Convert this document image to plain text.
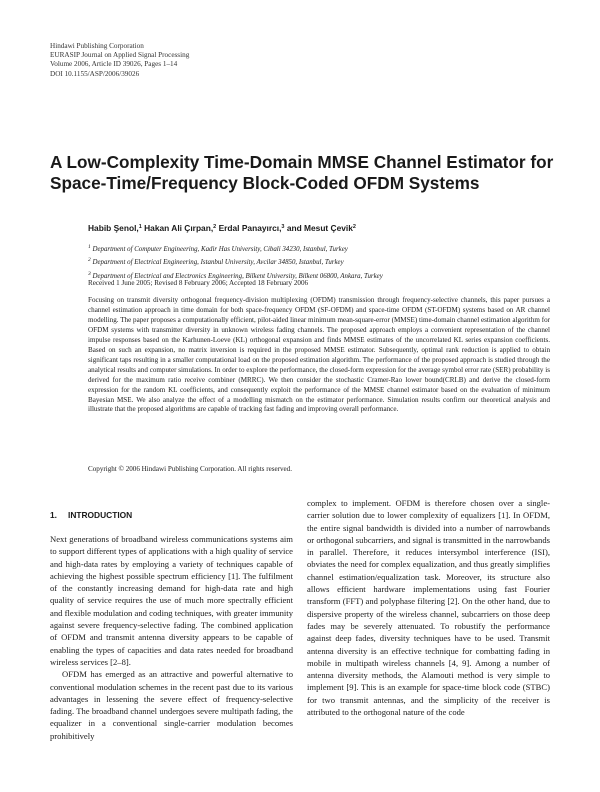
Hindawi Publishing Corporation
EURASIP Journal on Applied Signal Processing
Volume 2006, Article ID 39026, Pages 1–14
DOI 10.1155/ASP/2006/39026
A Low-Complexity Time-Domain MMSE Channel Estimator for
Space-Time/Frequency Block-Coded OFDM Systems
Habib Şenol,$^1$ Hakan Ali Çırpan,$^2$ Erdal Panayırcı,$^3$ and Mesut Çevik$^2$
$^1$ Department of Computer Engineering, Kadir Has University, Cibali 34230, Istanbul, Turkey
$^2$ Department of Electrical Engineering, Istanbul University, Avcilar 34850, Istanbul, Turkey
$^3$ Department of Electrical and Electronics Engineering, Bilkent University, Bilkent 06800, Ankara, Turkey
Received 1 June 2005; Revised 8 February 2006; Accepted 18 February 2006
Focusing on transmit diversity orthogonal frequency-division multiplexing (OFDM) transmission through frequency-selective channels, this paper pursues a channel estimation approach in time domain for both space-frequency OFDM (SF-OFDM) and space-time OFDM (ST-OFDM) systems based on AR channel modelling. The paper proposes a computationally efficient, pilot-aided linear minimum mean-square-error (MMSE) time-domain channel estimation algorithm for OFDM systems with transmitter diversity in unknown wireless fading channels. The proposed approach employs a convenient representation of the channel impulse responses based on the Karhunen-Loeve (KL) orthogonal expansion and finds MMSE estimates of the uncorrelated KL series expansion coefficients. Based on such an expansion, no matrix inversion is required in the proposed MMSE estimator. Subsequently, optimal rank reduction is applied to obtain significant taps resulting in a smaller computational load on the proposed estimation algorithm. The performance of the proposed approach is studied through the analytical results and computer simulations. In order to explore the performance, the closed-form expression for the average symbol error rate (SER) probability is derived for the maximum ratio receive combiner (MRRC). We then consider the stochastic Cramer-Rao lower bound(CRLB) and derive the closed-form expression for the random KL coefficients, and consequently exploit the performance of the MMSE channel estimator based on the evaluation of minimum Bayesian MSE. We also analyze the effect of a modelling mismatch on the estimator performance. Simulation results confirm our theoretical analysis and illustrate that the proposed algorithms are capable of tracking fast fading and improving overall performance.
Copyright © 2006 Hindawi Publishing Corporation. All rights reserved.
1. INTRODUCTION

Next generations of broadband wireless communications systems aim to support different types of applications with a high quality of service and high-data rates by employing a variety of techniques capable of achieving the highest possible spectrum efficiency [1]. The fulfilment of the constantly increasing demand for high-data rate and high quality of service requires the use of much more spectrally efficient and flexible modulation and coding techniques, with greater immunity against severe frequency-selective fading. The combined application of OFDM and transmit antenna diversity appears to be capable of enabling the types of capacities and data rates needed for broadband wireless services [2–8].

OFDM has emerged as an attractive and powerful alternative to conventional modulation schemes in the recent past due to its various advantages in lessening the severe effect of frequency-selective fading. The broadband channel undergoes severe multipath fading, the equalizer in a conventional single-carrier modulation becomes prohibitively

complex to implement. OFDM is therefore chosen over a single-carrier solution due to lower complexity of equalizers [1]. In OFDM, the entire signal bandwidth is divided into a number of narrowbands or orthogonal subcarriers, and signal is transmitted in the narrowbands in parallel. Therefore, it reduces intersymbol interference (ISI), obviates the need for complex equalization, and thus greatly simplifies channel estimation/equalization task. Moreover, its structure also allows efficient hardware implementations using fast Fourier transform (FFT) and polyphase filtering [2]. On the other hand, due to dispersive property of the wireless channel, subcarriers on those deep fades may be severely attenuated. To robustify the performance against deep fades, diversity techniques have to be used. Transmit antenna diversity is an effective technique for combatting fading in mobile in multipath wireless channels [4, 9]. Among a number of antenna diversity methods, the Alamouti method is very simple to implement [9]. This is an example for space-time block code (STBC) for two transmit antennas, and the simplicity of the receiver is attributed to the orthogonal nature of the code
